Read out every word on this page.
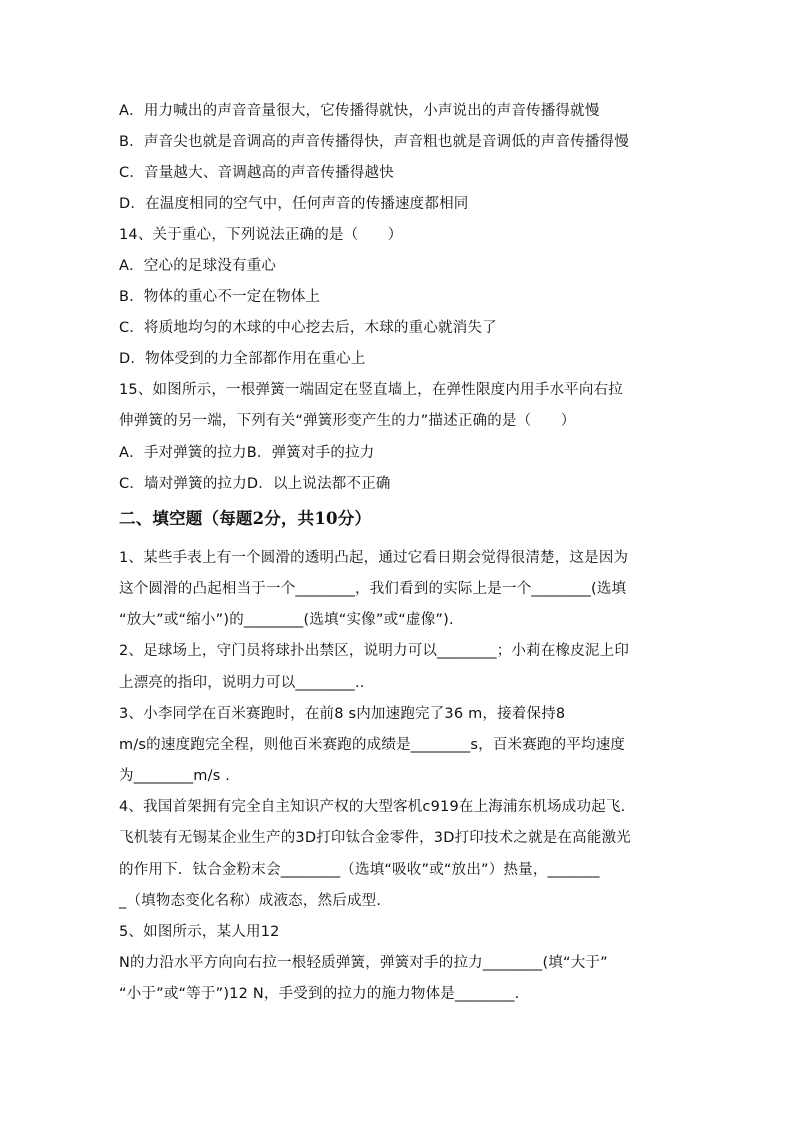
A．用力喊出的声音音量很大，它传播得就快，小声说出的声音传播得就慢
B．声音尖也就是音调高的声音传播得快，声音粗也就是音调低的声音传播得慢
C．音量越大、音调越高的声音传播得越快
D．在温度相同的空气中，任何声音的传播速度都相同
14、关于重心，下列说法正确的是（　　）
A．空心的足球没有重心
B．物体的重心不一定在物体上
C．将质地均匀的木球的中心挖去后，木球的重心就消失了
D．物体受到的力全部都作用在重心上
15、如图所示，一根弹簧一端固定在竖直墙上，在弹性限度内用手水平向右拉
伸弹簧的另一端，下列有关“弹簧形变产生的力”描述正确的是（　　）
A．手对弹簧的拉力B．弹簧对手的拉力
C．墙对弹簧的拉力D．以上说法都不正确
二、填空题（每题2分，共10分）
1、某些手表上有一个圆滑的透明凸起，通过它看日期会觉得很清楚，这是因为
这个圆滑的凸起相当于一个________，我们看到的实际上是一个________(选填
“放大”或“缩小”)的________(选填“实像”或“虚像”).
2、足球场上，守门员将球扑出禁区，说明力可以________；小莉在橡皮泥上印
上漂亮的指印，说明力可以________..
3、小李同学在百米赛跑时，在前8 s内加速跑完了36 m，接着保持8
m/s的速度跑完全程，则他百米赛跑的成绩是________s，百米赛跑的平均速度
为________m/s .
4、我国首架拥有完全自主知识产权的大型客机c919在上海浦东机场成功起飞.
飞机装有无锡某企业生产的3D打印钛合金零件，3D打印技术之就是在高能激光
的作用下．钛合金粉末会________（选填“吸收”或“放出”）热量，_______
_（填物态变化名称）成液态，然后成型.
5、如图所示，某人用12
N的力沿水平方向向右拉一根轻质弹簧，弹簧对手的拉力________(填“大于”
“小于”或“等于”)12 N，手受到的拉力的施力物体是________.
